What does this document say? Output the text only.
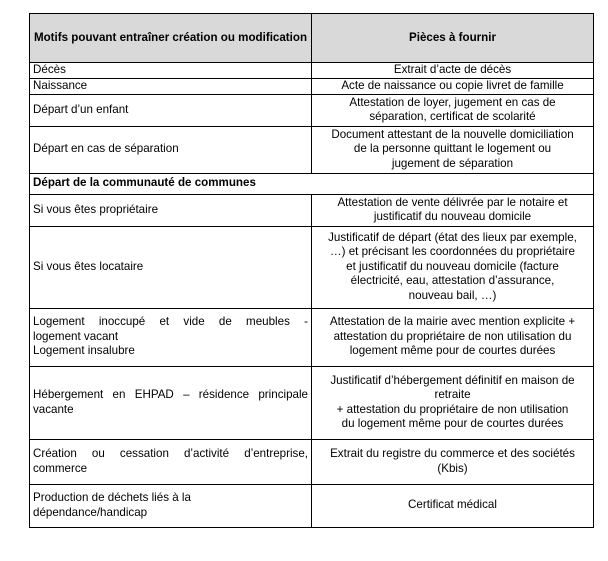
Motifs pouvant entraîner création ou modification	Pièces à fournir

Décès	Extrait d’acte de décès

Naissance	Acte de naissance ou copie livret de famille

Départ d’un enfant	Attestation de loyer, jugement en cas de
séparation, certificat de scolarité

Départ en cas de séparation	Document attestant de la nouvelle domiciliation
de la personne quittant le logement ou
jugement de séparation

Départ de la communauté de communes	

Si vous êtes propriétaire	Attestation de vente délivrée par le notaire et
justificatif du nouveau domicile

Si vous êtes locataire	Justificatif de départ (état des lieux par exemple,
…) et précisant les coordonnées du propriétaire
et justificatif du nouveau domicile (facture
électricité, eau, attestation d’assurance,
nouveau bail, …)

Logement inoccupé et vide de meubles -
logement vacant
Logement insalubre	Attestation de la mairie avec mention explicite +
attestation du propriétaire de non utilisation du
logement même pour de courtes durées

Hébergement en EHPAD – résidence principale
vacante	Justificatif d’hébergement définitif en maison de
retraite
+ attestation du propriétaire de non utilisation
du logement même pour de courtes durées

Création ou cessation d’activité d’entreprise,
commerce	Extrait du registre du commerce et des sociétés
(Kbis)

Production de déchets liés à la
dépendance/handicap	Certificat médical
